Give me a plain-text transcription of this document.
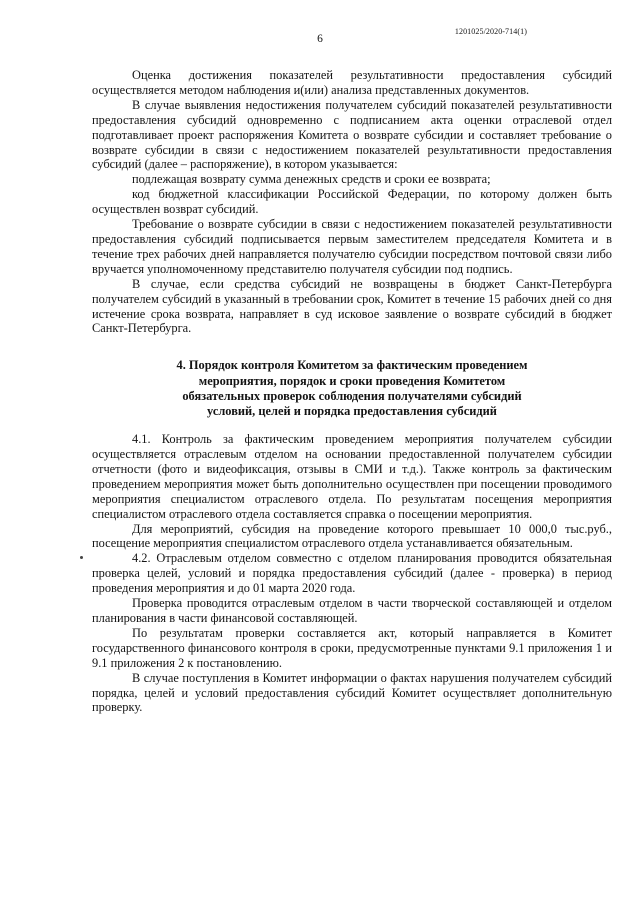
1201025/2020-714(1)
6

Оценка достижения показателей результативности предоставления субсидий осуществляется методом наблюдения и(или) анализа представленных документов.

В случае выявления недостижения получателем субсидий показателей результативности предоставления субсидий одновременно с подписанием акта оценки отраслевой отдел подготавливает проект распоряжения Комитета о возврате субсидии и составляет требование о возврате субсидии в связи с недостижением показателей результативности предоставления субсидий (далее – распоряжение), в котором указывается:

подлежащая возврату сумма денежных средств и сроки ее возврата;

код бюджетной классификации Российской Федерации, по которому должен быть осуществлен возврат субсидий.

Требование о возврате субсидии в связи с недостижением показателей результативности предоставления субсидий подписывается первым заместителем председателя Комитета и в течение трех рабочих дней направляется получателю субсидии посредством почтовой связи либо вручается уполномоченному представителю получателя субсидии под подпись.

В случае, если средства субсидий не возвращены в бюджет Санкт-Петербурга получателем субсидий в указанный в требовании срок, Комитет в течение 15 рабочих дней со дня истечение срока возврата, направляет в суд исковое заявление о возврате субсидий в бюджет Санкт-Петербурга.

4. Порядок контроля Комитетом за фактическим проведением
мероприятия, порядок и сроки проведения Комитетом
обязательных проверок соблюдения получателями субсидий
условий, целей и порядка предоставления субсидий

4.1. Контроль за фактическим проведением мероприятия получателем субсидии осуществляется отраслевым отделом на основании предоставленной получателем субсидии отчетности (фото и видеофиксация, отзывы в СМИ и т.д.). Также контроль за фактическим проведением мероприятия может быть дополнительно осуществлен при посещении проводимого мероприятия специалистом отраслевого отдела. По результатам посещения мероприятия специалистом отраслевого отдела составляется справка о посещении мероприятия.

Для мероприятий, субсидия на проведение которого превышает 10 000,0 тыс.руб., посещение мероприятия специалистом отраслевого отдела устанавливается обязательным.

4.2. Отраслевым отделом совместно с отделом планирования проводится обязательная проверка целей, условий и порядка предоставления субсидий (далее - проверка) в период проведения мероприятия и до 01 марта 2020 года.

Проверка проводится отраслевым отделом в части творческой составляющей и отделом планирования в части финансовой составляющей.

По результатам проверки составляется акт, который направляется в Комитет государственного финансового контроля в сроки, предусмотренные пунктами 9.1 приложения 1 и 9.1 приложения 2 к постановлению.

В случае поступления в Комитет информации о фактах нарушения получателем субсидий порядка, целей и условий предоставления субсидий Комитет осуществляет дополнительную проверку.
